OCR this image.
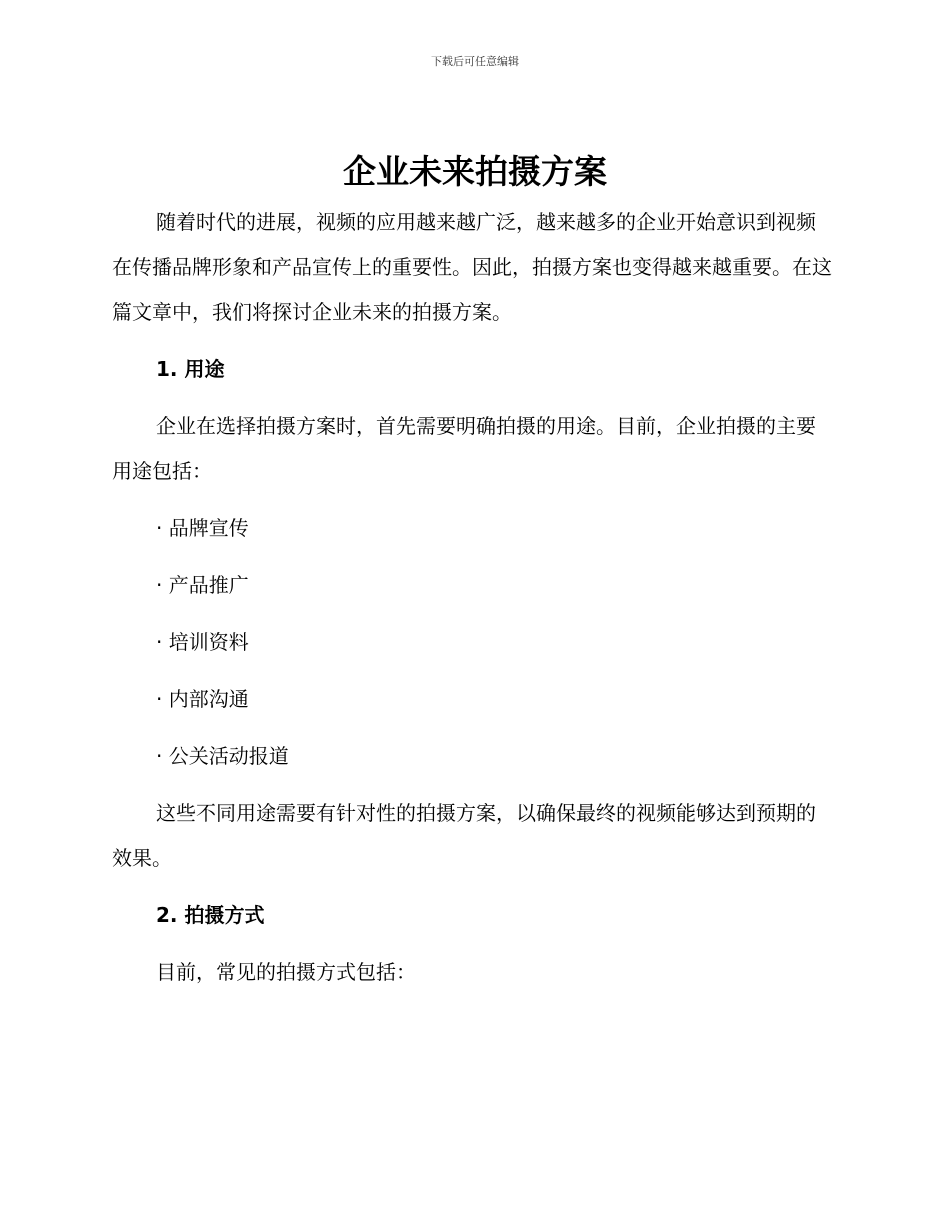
下载后可任意编辑
企业未来拍摄方案

随着时代的进展，视频的应用越来越广泛，越来越多的企业开始意识到视频在传播品牌形象和产品宣传上的重要性。因此，拍摄方案也变得越来越重要。在这篇文章中，我们将探讨企业未来的拍摄方案。

1. 用途

企业在选择拍摄方案时，首先需要明确拍摄的用途。目前，企业拍摄的主要用途包括：

· 品牌宣传

· 产品推广

· 培训资料

· 内部沟通

· 公关活动报道

这些不同用途需要有针对性的拍摄方案，以确保最终的视频能够达到预期的效果。

2. 拍摄方式

目前，常见的拍摄方式包括：
